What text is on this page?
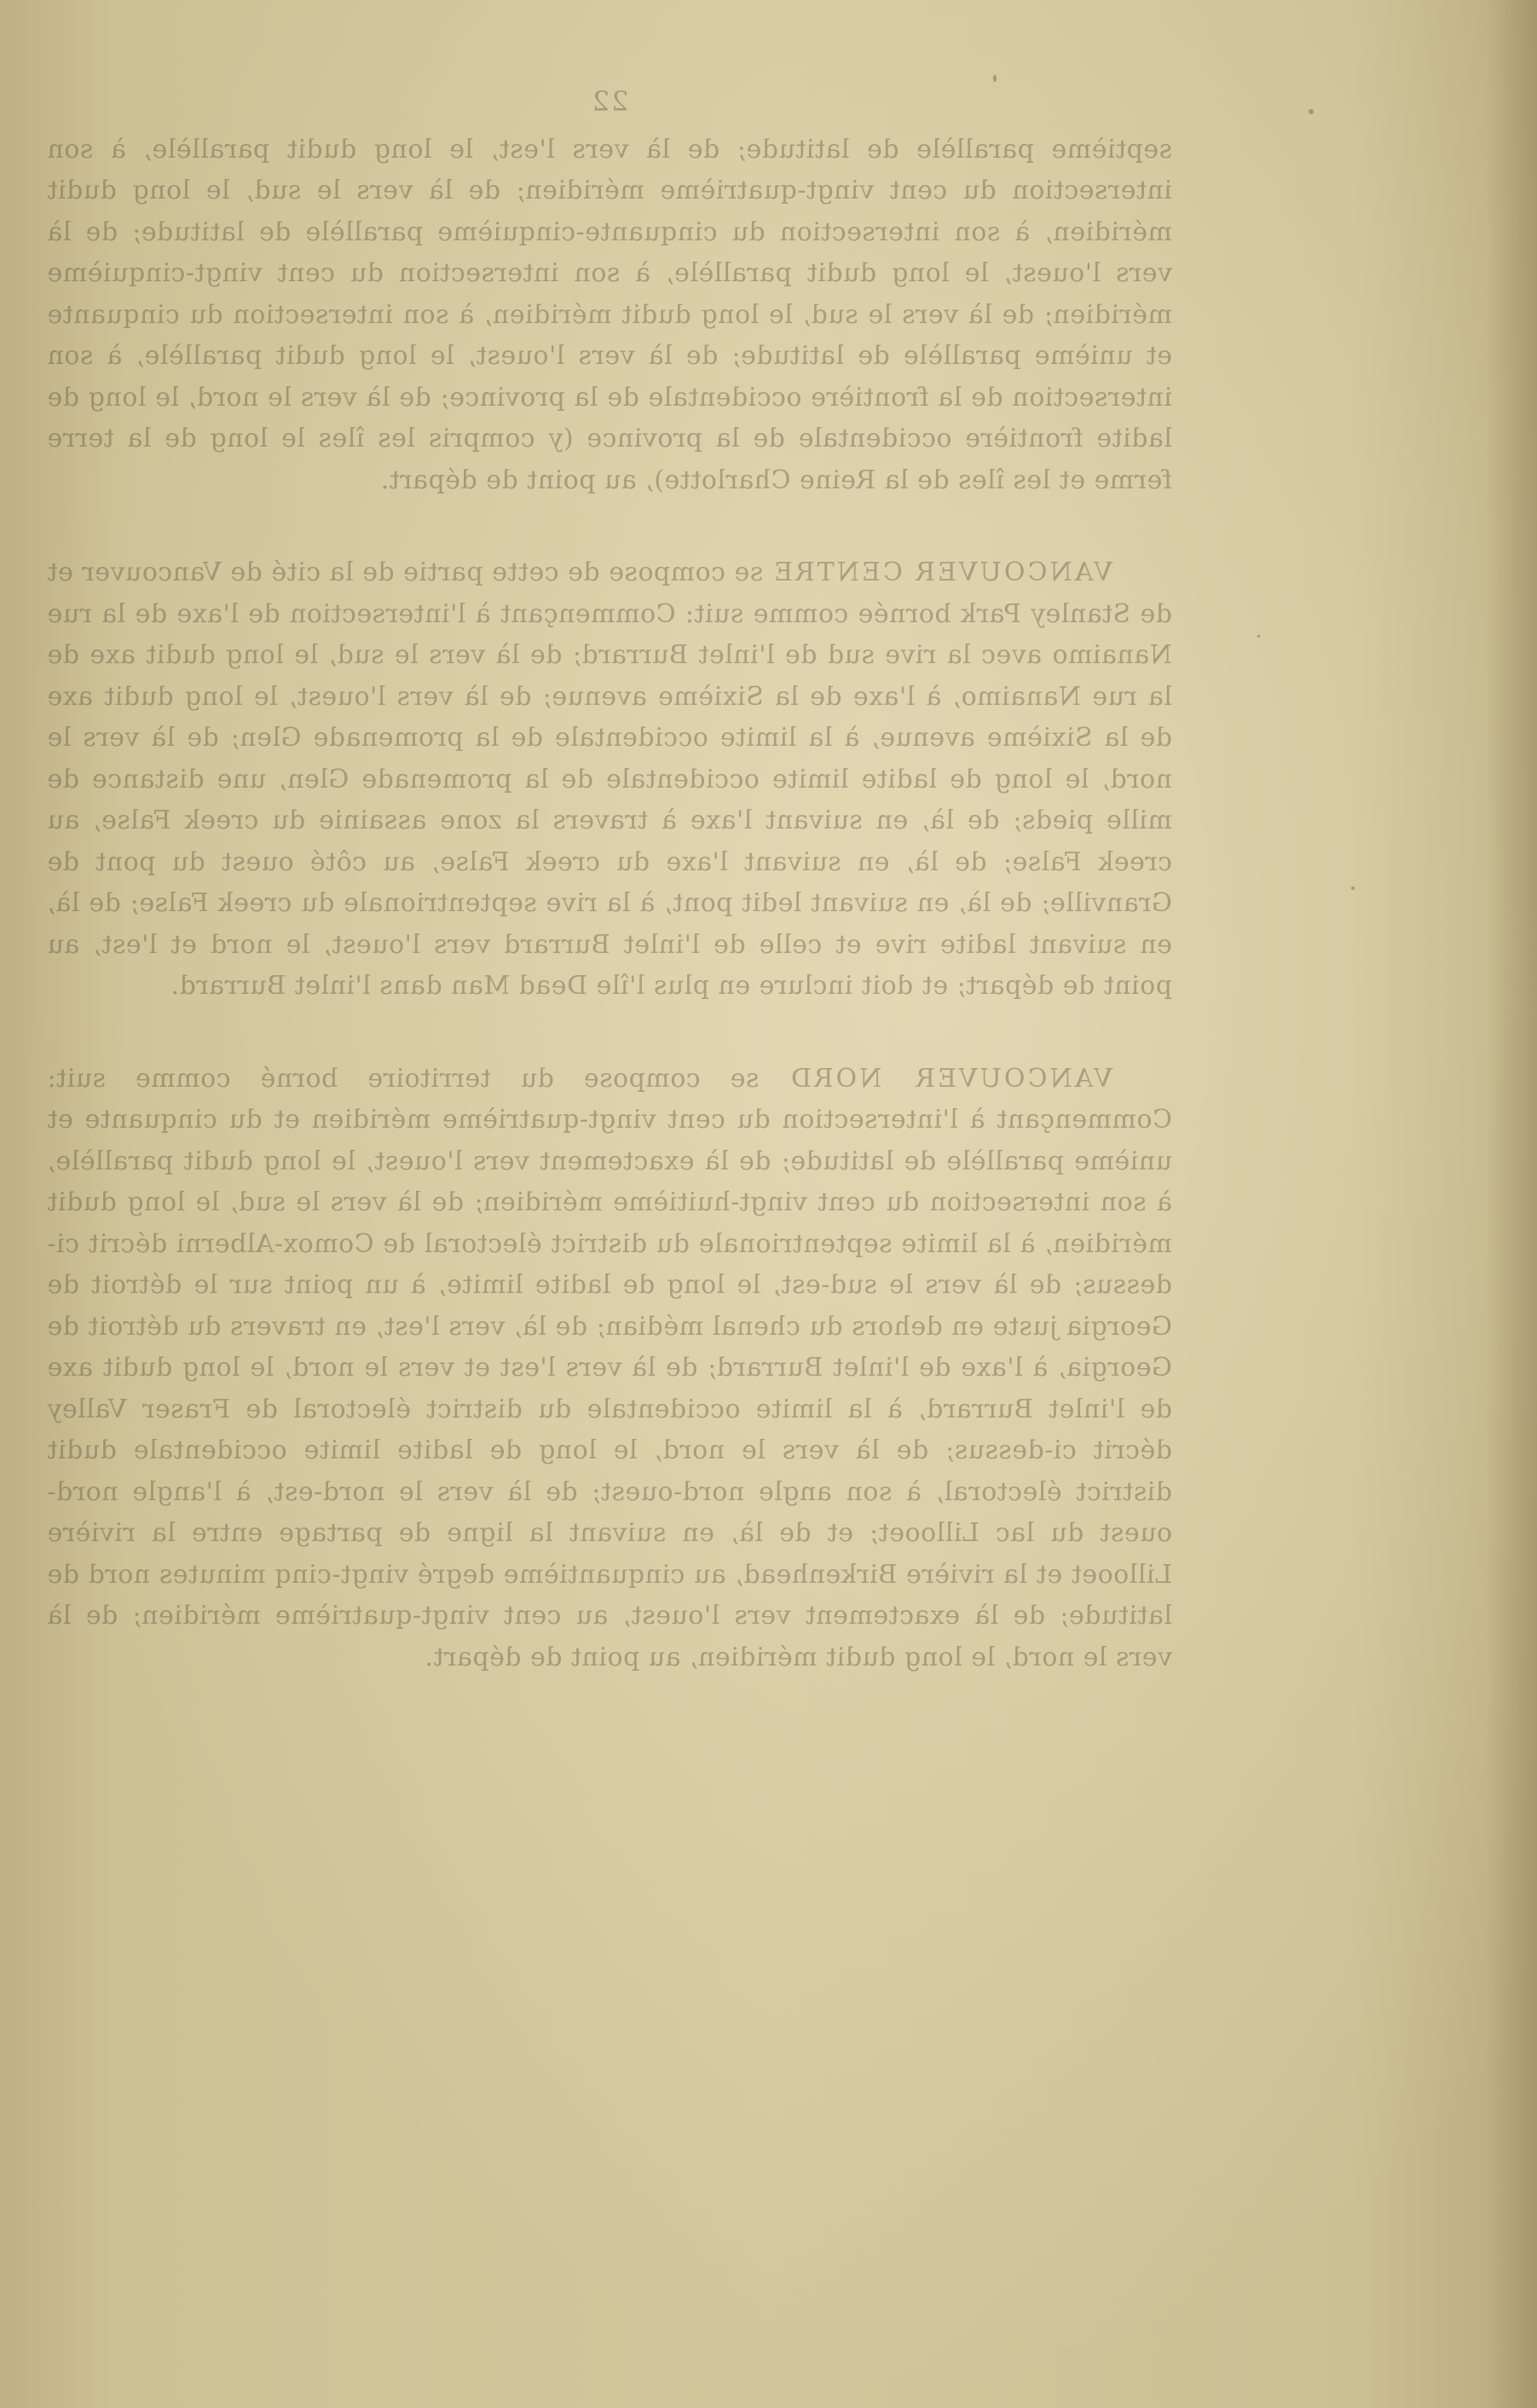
22

septième parallèle de latitude; de là vers l'est, le long dudit parallèle, à son intersection du cent vingt-quatrième méridien; de là vers le sud, le long dudit méridien, à son intersection du cinquante-cinquième parallèle de latitude; de là vers l'ouest, le long dudit parallèle, à son intersection du cent vingt-cinquième méridien; de là vers le sud, le long dudit méridien, à son intersection du cinquante et unième parallèle de latitude; de là vers l'ouest, le long dudit parallèle, à son intersection de la frontière occidentale de la province; de là vers le nord, le long de ladite frontière occidentale de la province (y compris les îles le long de la terre ferme et les îles de la Reine Charlotte), au point de départ.

VANCOUVER CENTRE se compose de cette partie de la cité de Vancouver et de Stanley Park bornée comme suit: Commençant à l'intersection de l'axe de la rue Nanaimo avec la rive sud de l'inlet Burrard; de là vers le sud, le long dudit axe de la rue Nanaimo, à l'axe de la Sixième avenue; de là vers l'ouest, le long dudit axe de la Sixième avenue, à la limite occidentale de la promenade Glen; de là vers le nord, le long de ladite limite occidentale de la promenade Glen, une distance de mille pieds; de là, en suivant l'axe à travers la zone assainie du creek False, au creek False; de là, en suivant l'axe du creek False, au côté ouest du pont de Granville; de là, en suivant ledit pont, à la rive septentrionale du creek False; de là, en suivant ladite rive et celle de l'inlet Burrard vers l'ouest, le nord et l'est, au point de départ; et doit inclure en plus l'île Dead Man dans l'inlet Burrard.

VANCOUVER NORD se compose du territoire borné comme suit: Commençant à l'intersection du cent vingt-quatrième méridien et du cinquante et unième parallèle de latitude; de là exactement vers l'ouest, le long dudit parallèle, à son intersection du cent vingt-huitième méridien; de là vers le sud, le long dudit méridien, à la limite septentrionale du district électoral de Comox-Alberni décrit ci-dessus; de là vers le sud-est, le long de ladite limite, à un point sur le détroit de Georgia juste en dehors du chenal médian; de là, vers l'est, en travers du détroit de Georgia, à l'axe de l'inlet Burrard; de là vers l'est et vers le nord, le long dudit axe de l'inlet Burrard, à la limite occidentale du district électoral de Fraser Valley décrit ci-dessus; de là vers le nord, le long de ladite limite occidentale dudit district électoral, à son angle nord-ouest; de là vers le nord-est, à l'angle nord-ouest du lac Lillooet; et de là, en suivant la ligne de partage entre la rivière Lillooet et la rivière Birkenhead, au cinquantième degré vingt-cinq minutes nord de latitude; de là exactement vers l'ouest, au cent vingt-quatrième méridien; de là vers le nord, le long dudit méridien, au point de départ.
